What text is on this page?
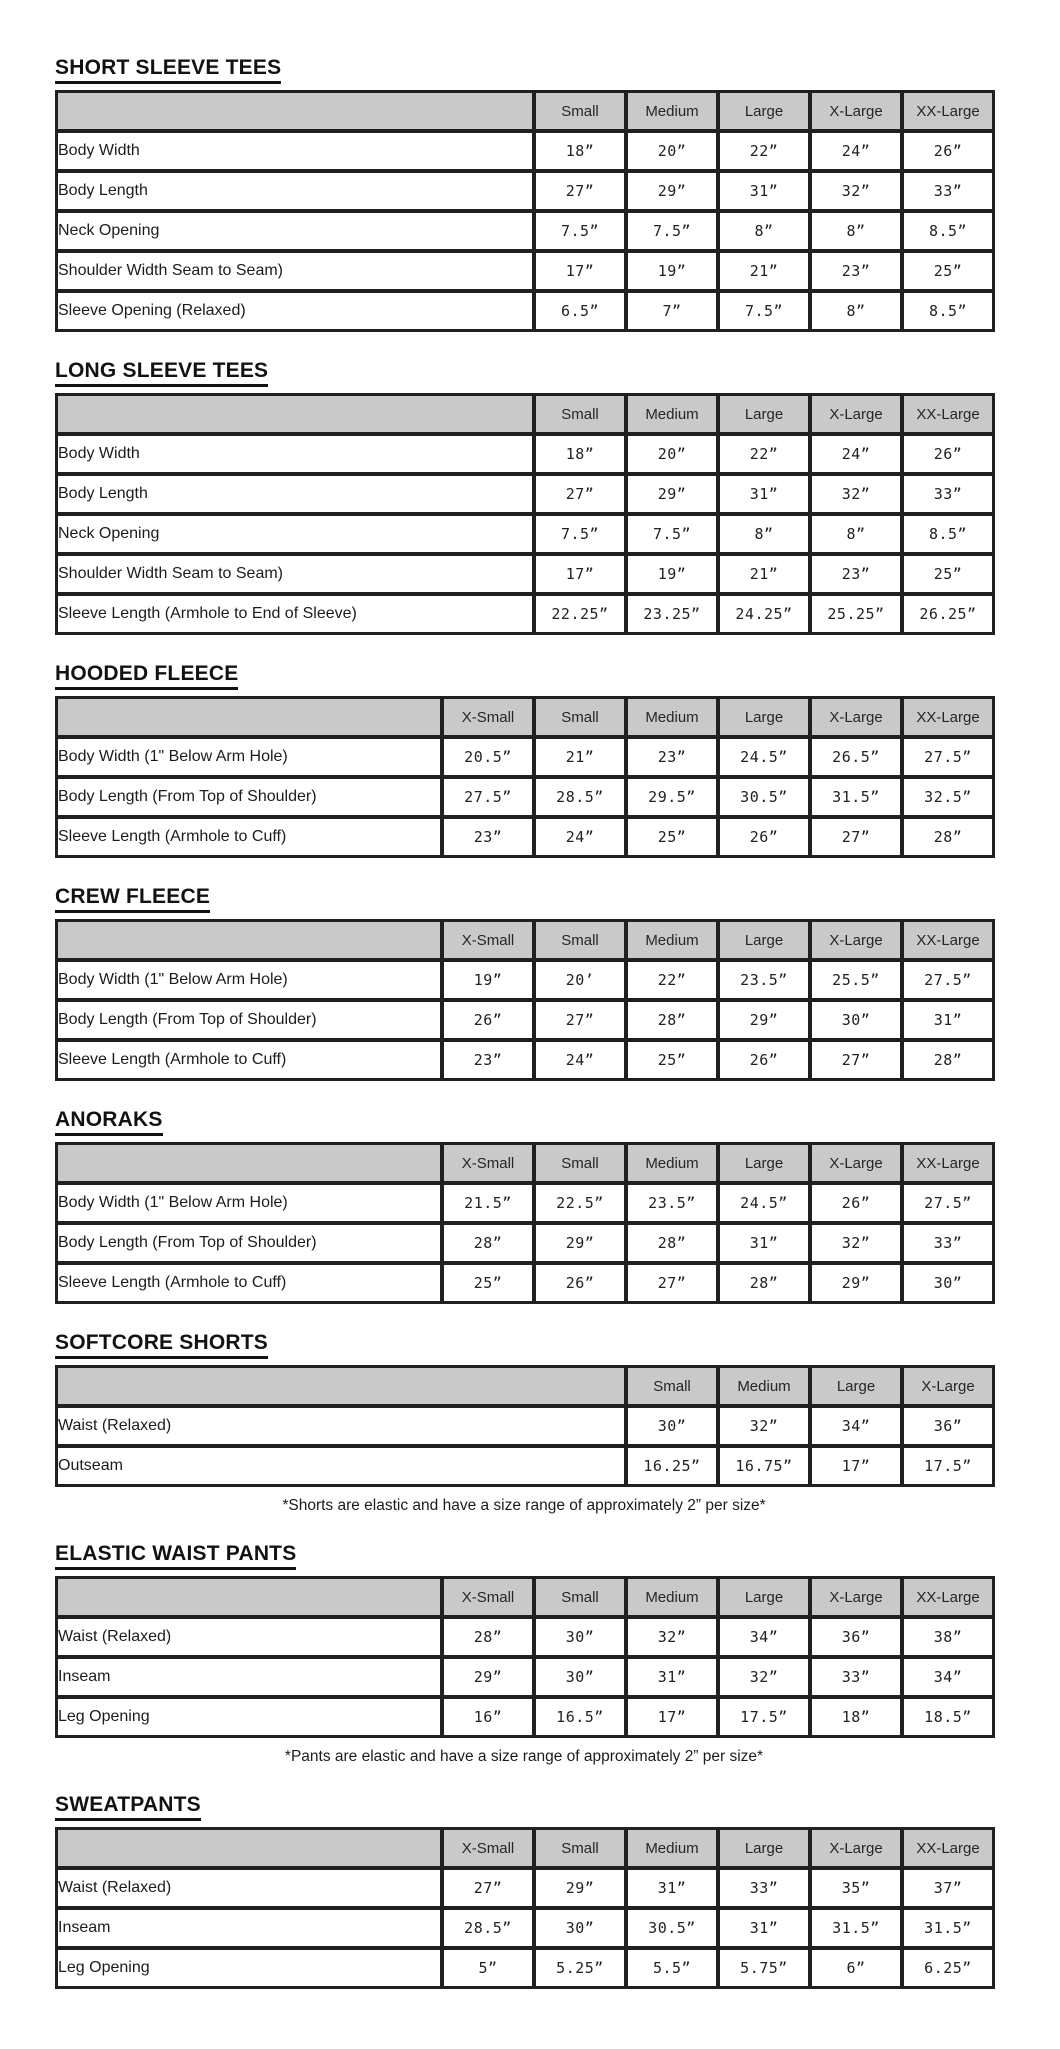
SHORT SLEEVE TEES
	Small	Medium	Large	X-Large	XX-Large
Body Width	18”	20”	22”	24”	26”
Body Length	27”	29”	31”	32”	33”
Neck Opening	7.5”	7.5”	8”	8”	8.5”
Shoulder Width Seam to Seam)	17”	19”	21”	23”	25”
Sleeve Opening (Relaxed)	6.5”	7”	7.5”	8”	8.5”
LONG SLEEVE TEES
	Small	Medium	Large	X-Large	XX-Large
Body Width	18”	20”	22”	24”	26”
Body Length	27”	29”	31”	32”	33”
Neck Opening	7.5”	7.5”	8”	8”	8.5”
Shoulder Width Seam to Seam)	17”	19”	21”	23”	25”
Sleeve Length (Armhole to End of Sleeve)	22.25”	23.25”	24.25”	25.25”	26.25”
HOODED FLEECE
	X-Small	Small	Medium	Large	X-Large	XX-Large
Body Width (1" Below Arm Hole)	20.5”	21”	23”	24.5”	26.5”	27.5”
Body Length (From Top of Shoulder)	27.5”	28.5”	29.5”	30.5”	31.5”	32.5”
Sleeve Length (Armhole to Cuff)	23”	24”	25”	26”	27”	28”
CREW FLEECE
	X-Small	Small	Medium	Large	X-Large	XX-Large
Body Width (1" Below Arm Hole)	19”	20’	22”	23.5”	25.5”	27.5”
Body Length (From Top of Shoulder)	26”	27”	28”	29”	30”	31”
Sleeve Length (Armhole to Cuff)	23”	24”	25”	26”	27”	28”
ANORAKS
	X-Small	Small	Medium	Large	X-Large	XX-Large
Body Width (1" Below Arm Hole)	21.5”	22.5”	23.5”	24.5”	26”	27.5”
Body Length (From Top of Shoulder)	28”	29”	28”	31”	32”	33”
Sleeve Length (Armhole to Cuff)	25”	26”	27”	28”	29”	30”
SOFTCORE SHORTS
	Small	Medium	Large	X-Large
Waist (Relaxed)	30”	32”	34”	36”
Outseam	16.25”	16.75”	17”	17.5”

*Shorts are elastic and have a size range of approximately 2” per size*

ELASTIC WAIST PANTS
	X-Small	Small	Medium	Large	X-Large	XX-Large
Waist (Relaxed)	28”	30”	32”	34”	36”	38”
Inseam	29”	30”	31”	32”	33”	34”
Leg Opening	16”	16.5”	17”	17.5”	18”	18.5”

*Pants are elastic and have a size range of approximately 2” per size*

SWEATPANTS
	X-Small	Small	Medium	Large	X-Large	XX-Large
Waist (Relaxed)	27”	29”	31”	33”	35”	37”
Inseam	28.5”	30”	30.5”	31”	31.5”	31.5”
Leg Opening	5”	5.25”	5.5”	5.75”	6”	6.25”
